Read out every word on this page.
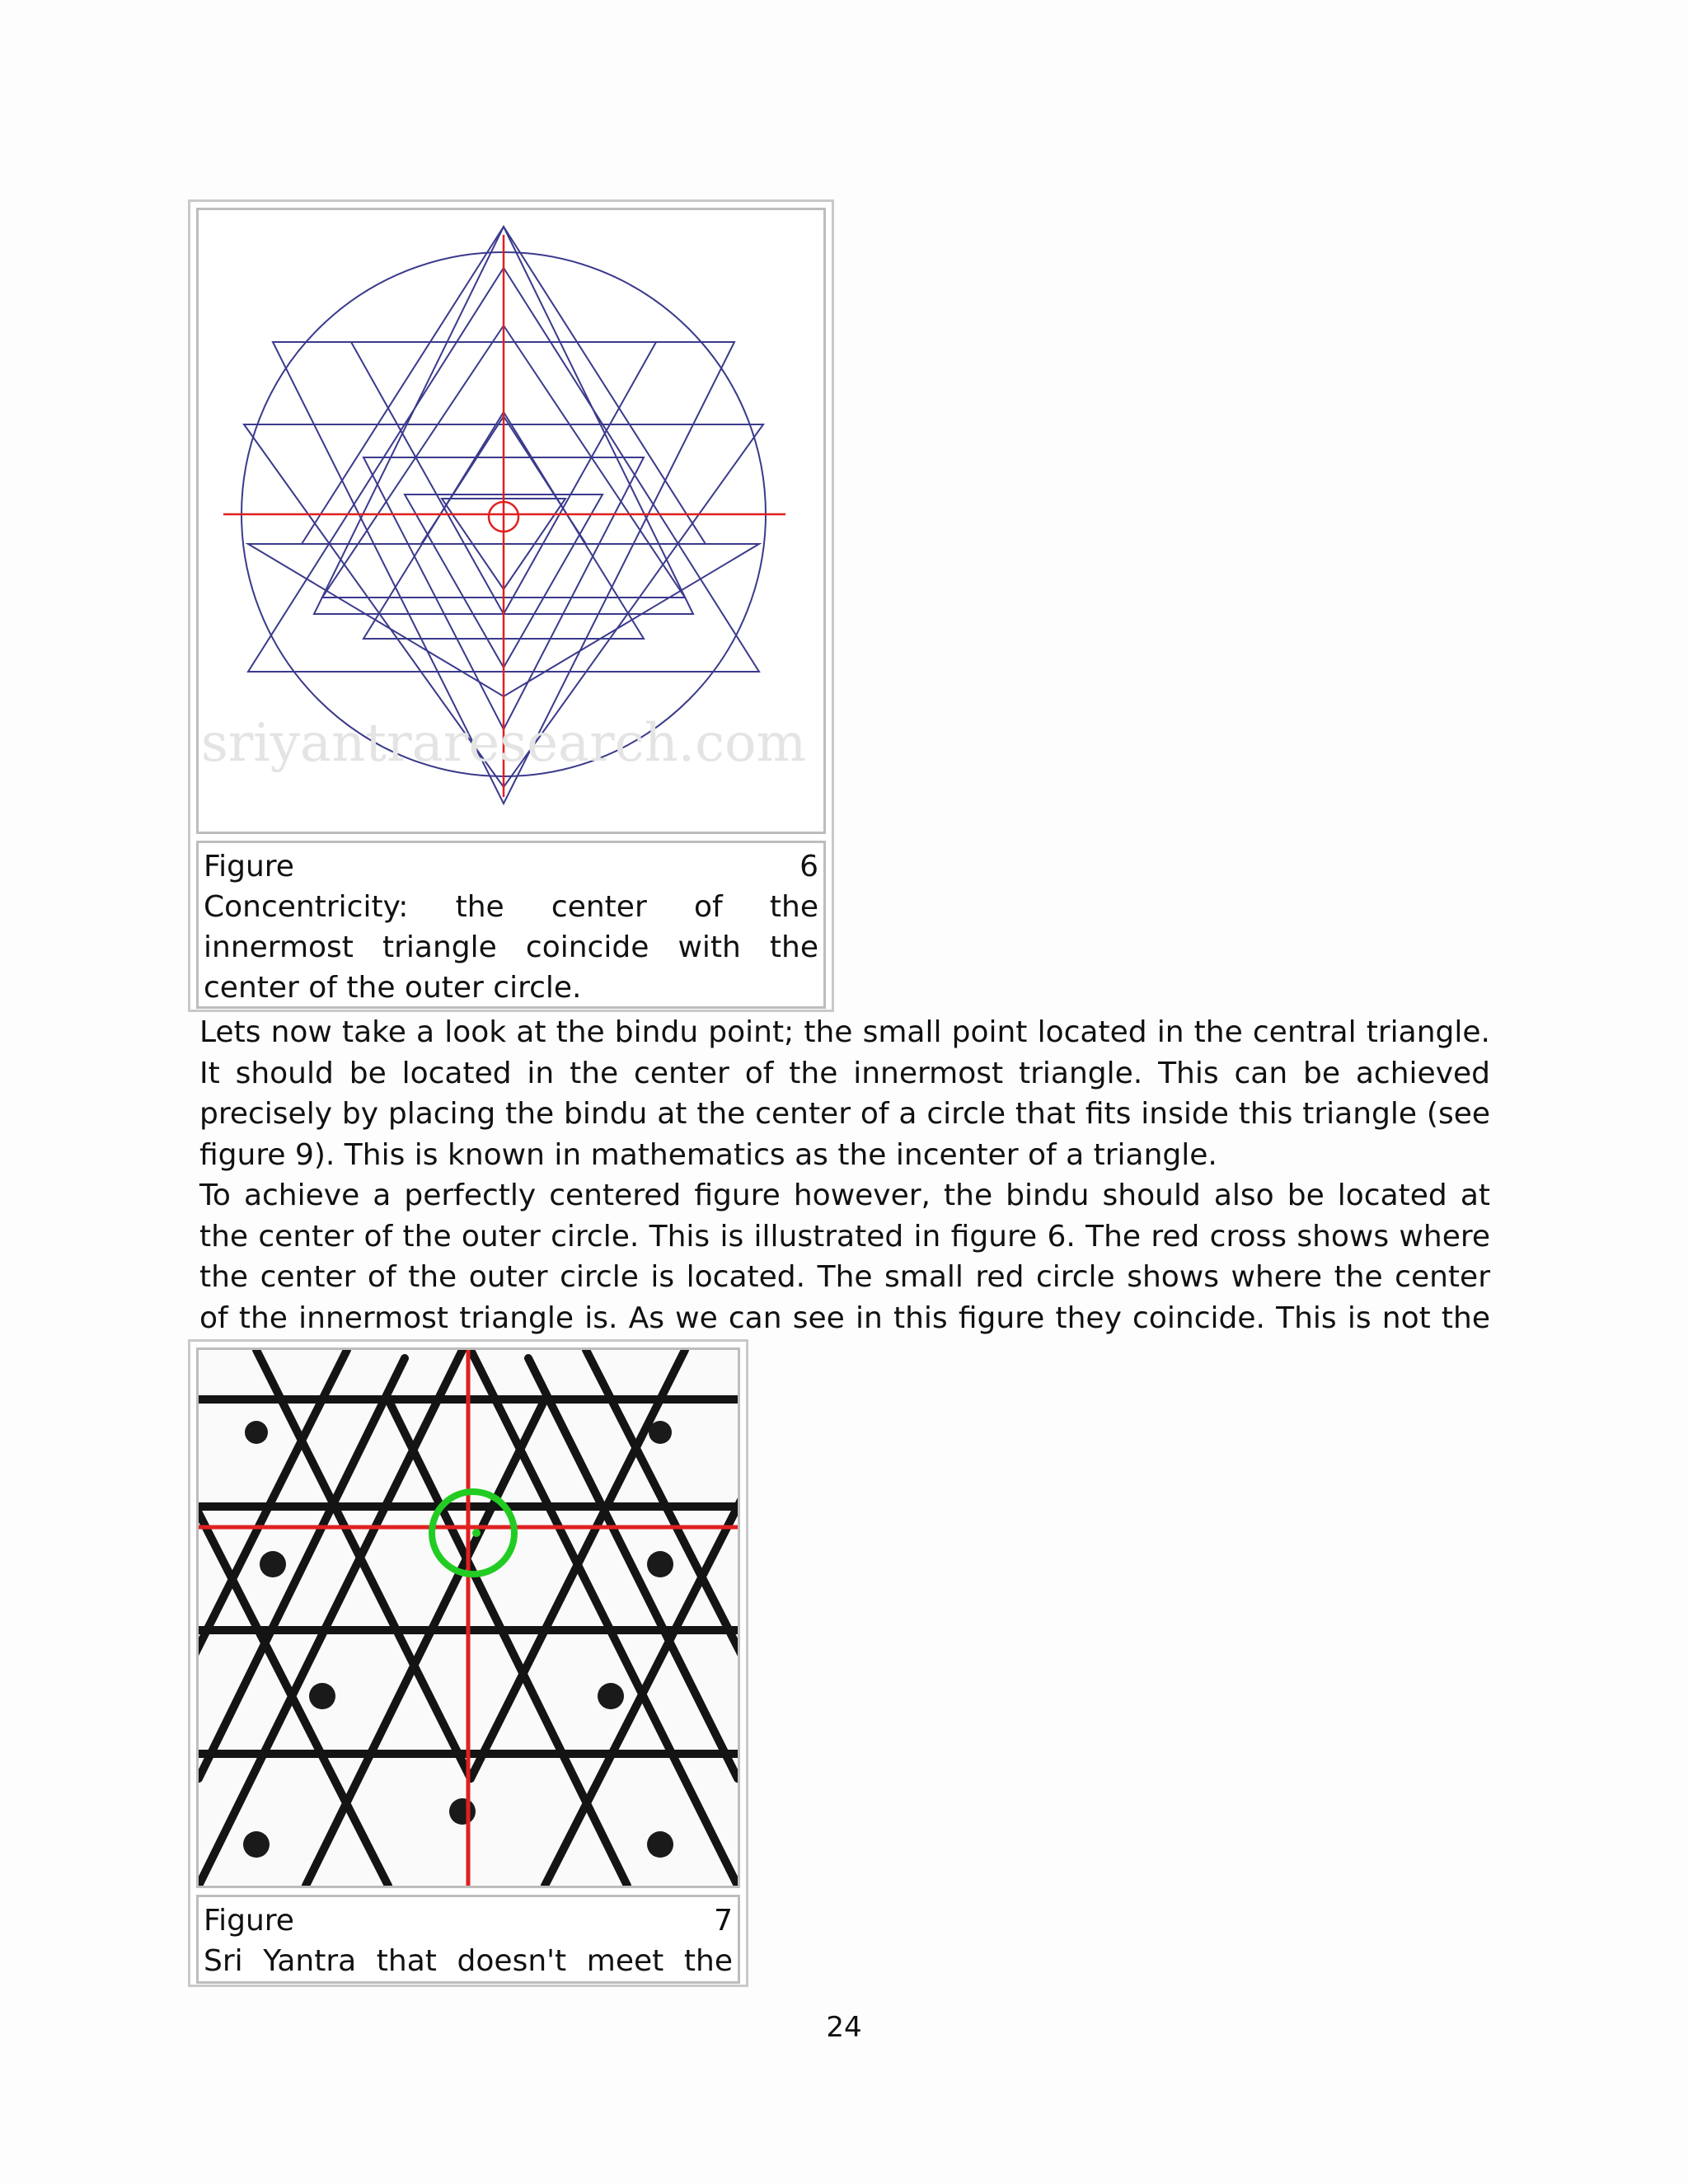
sriyantraresearch.com
Figure	6
Concentricity: the center of the innermost triangle coincide with the center of the outer circle.

Lets now take a look at the bindu point; the small point located in the central triangle. It should be located in the center of the innermost triangle. This can be achieved precisely by placing the bindu at the center of a circle that fits inside this triangle (see figure 9). This is known in mathematics as the incenter of a triangle.

To achieve a perfectly centered figure however, the bindu should also be located at the center of the outer circle. This is illustrated in figure 6. The red cross shows where the center of the outer circle is located. The small red circle shows where the center of the innermost triangle is. As we can see in this figure they coincide. This is not the

Figure	7
Sri Yantra that doesn't meet the
24
